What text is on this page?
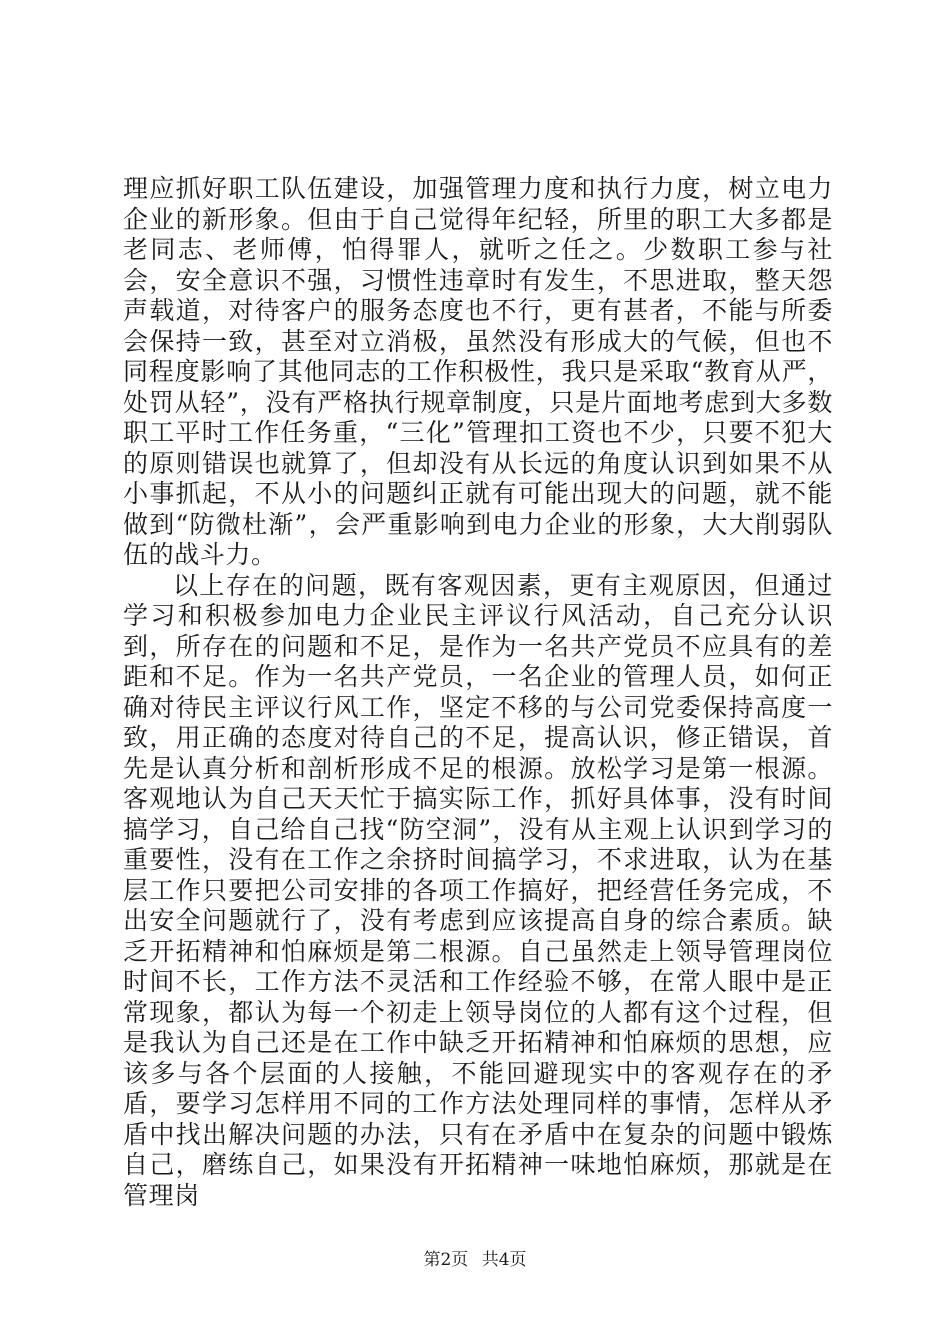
理应抓好职工队伍建设，加强管理力度和执行力度，树立电力企业的新形象。但由于自己觉得年纪轻，所里的职工大多都是老同志、老师傅，怕得罪人，就听之任之。少数职工参与社会，安全意识不强，习惯性违章时有发生，不思进取，整天怨声载道，对待客户的服务态度也不行，更有甚者，不能与所委会保持一致，甚至对立消极，虽然没有形成大的气候，但也不同程度影响了其他同志的工作积极性，我只是采取“教育从严，处罚从轻”，没有严格执行规章制度，只是片面地考虑到大多数职工平时工作任务重，“三化”管理扣工资也不少，只要不犯大的原则错误也就算了，但却没有从长远的角度认识到如果不从小事抓起，不从小的问题纠正就有可能出现大的问题，就不能做到“防微杜渐”，会严重影响到电力企业的形象，大大削弱队伍的战斗力。

以上存在的问题，既有客观因素，更有主观原因，但通过学习和积极参加电力企业民主评议行风活动，自己充分认识到，所存在的问题和不足，是作为一名共产党员不应具有的差距和不足。作为一名共产党员，一名企业的管理人员，如何正确对待民主评议行风工作，坚定不移的与公司党委保持高度一致，用正确的态度对待自己的不足，提高认识，修正错误，首先是认真分析和剖析形成不足的根源。放松学习是第一根源。客观地认为自己天天忙于搞实际工作，抓好具体事，没有时间搞学习，自己给自己找“防空洞”，没有从主观上认识到学习的重要性，没有在工作之余挤时间搞学习，不求进取，认为在基层工作只要把公司安排的各项工作搞好，把经营任务完成，不出安全问题就行了，没有考虑到应该提高自身的综合素质。缺乏开拓精神和怕麻烦是第二根源。自己虽然走上领导管理岗位时间不长，工作方法不灵活和工作经验不够，在常人眼中是正常现象，都认为每一个初走上领导岗位的人都有这个过程，但是我认为自己还是在工作中缺乏开拓精神和怕麻烦的思想，应该多与各个层面的人接触，不能回避现实中的客观存在的矛盾，要学习怎样用不同的工作方法处理同样的事情，怎样从矛盾中找出解决问题的办法，只有在矛盾中在复杂的问题中锻炼自己，磨练自己，如果没有开拓精神一味地怕麻烦，那就是在管理岗

第2页 共4页
